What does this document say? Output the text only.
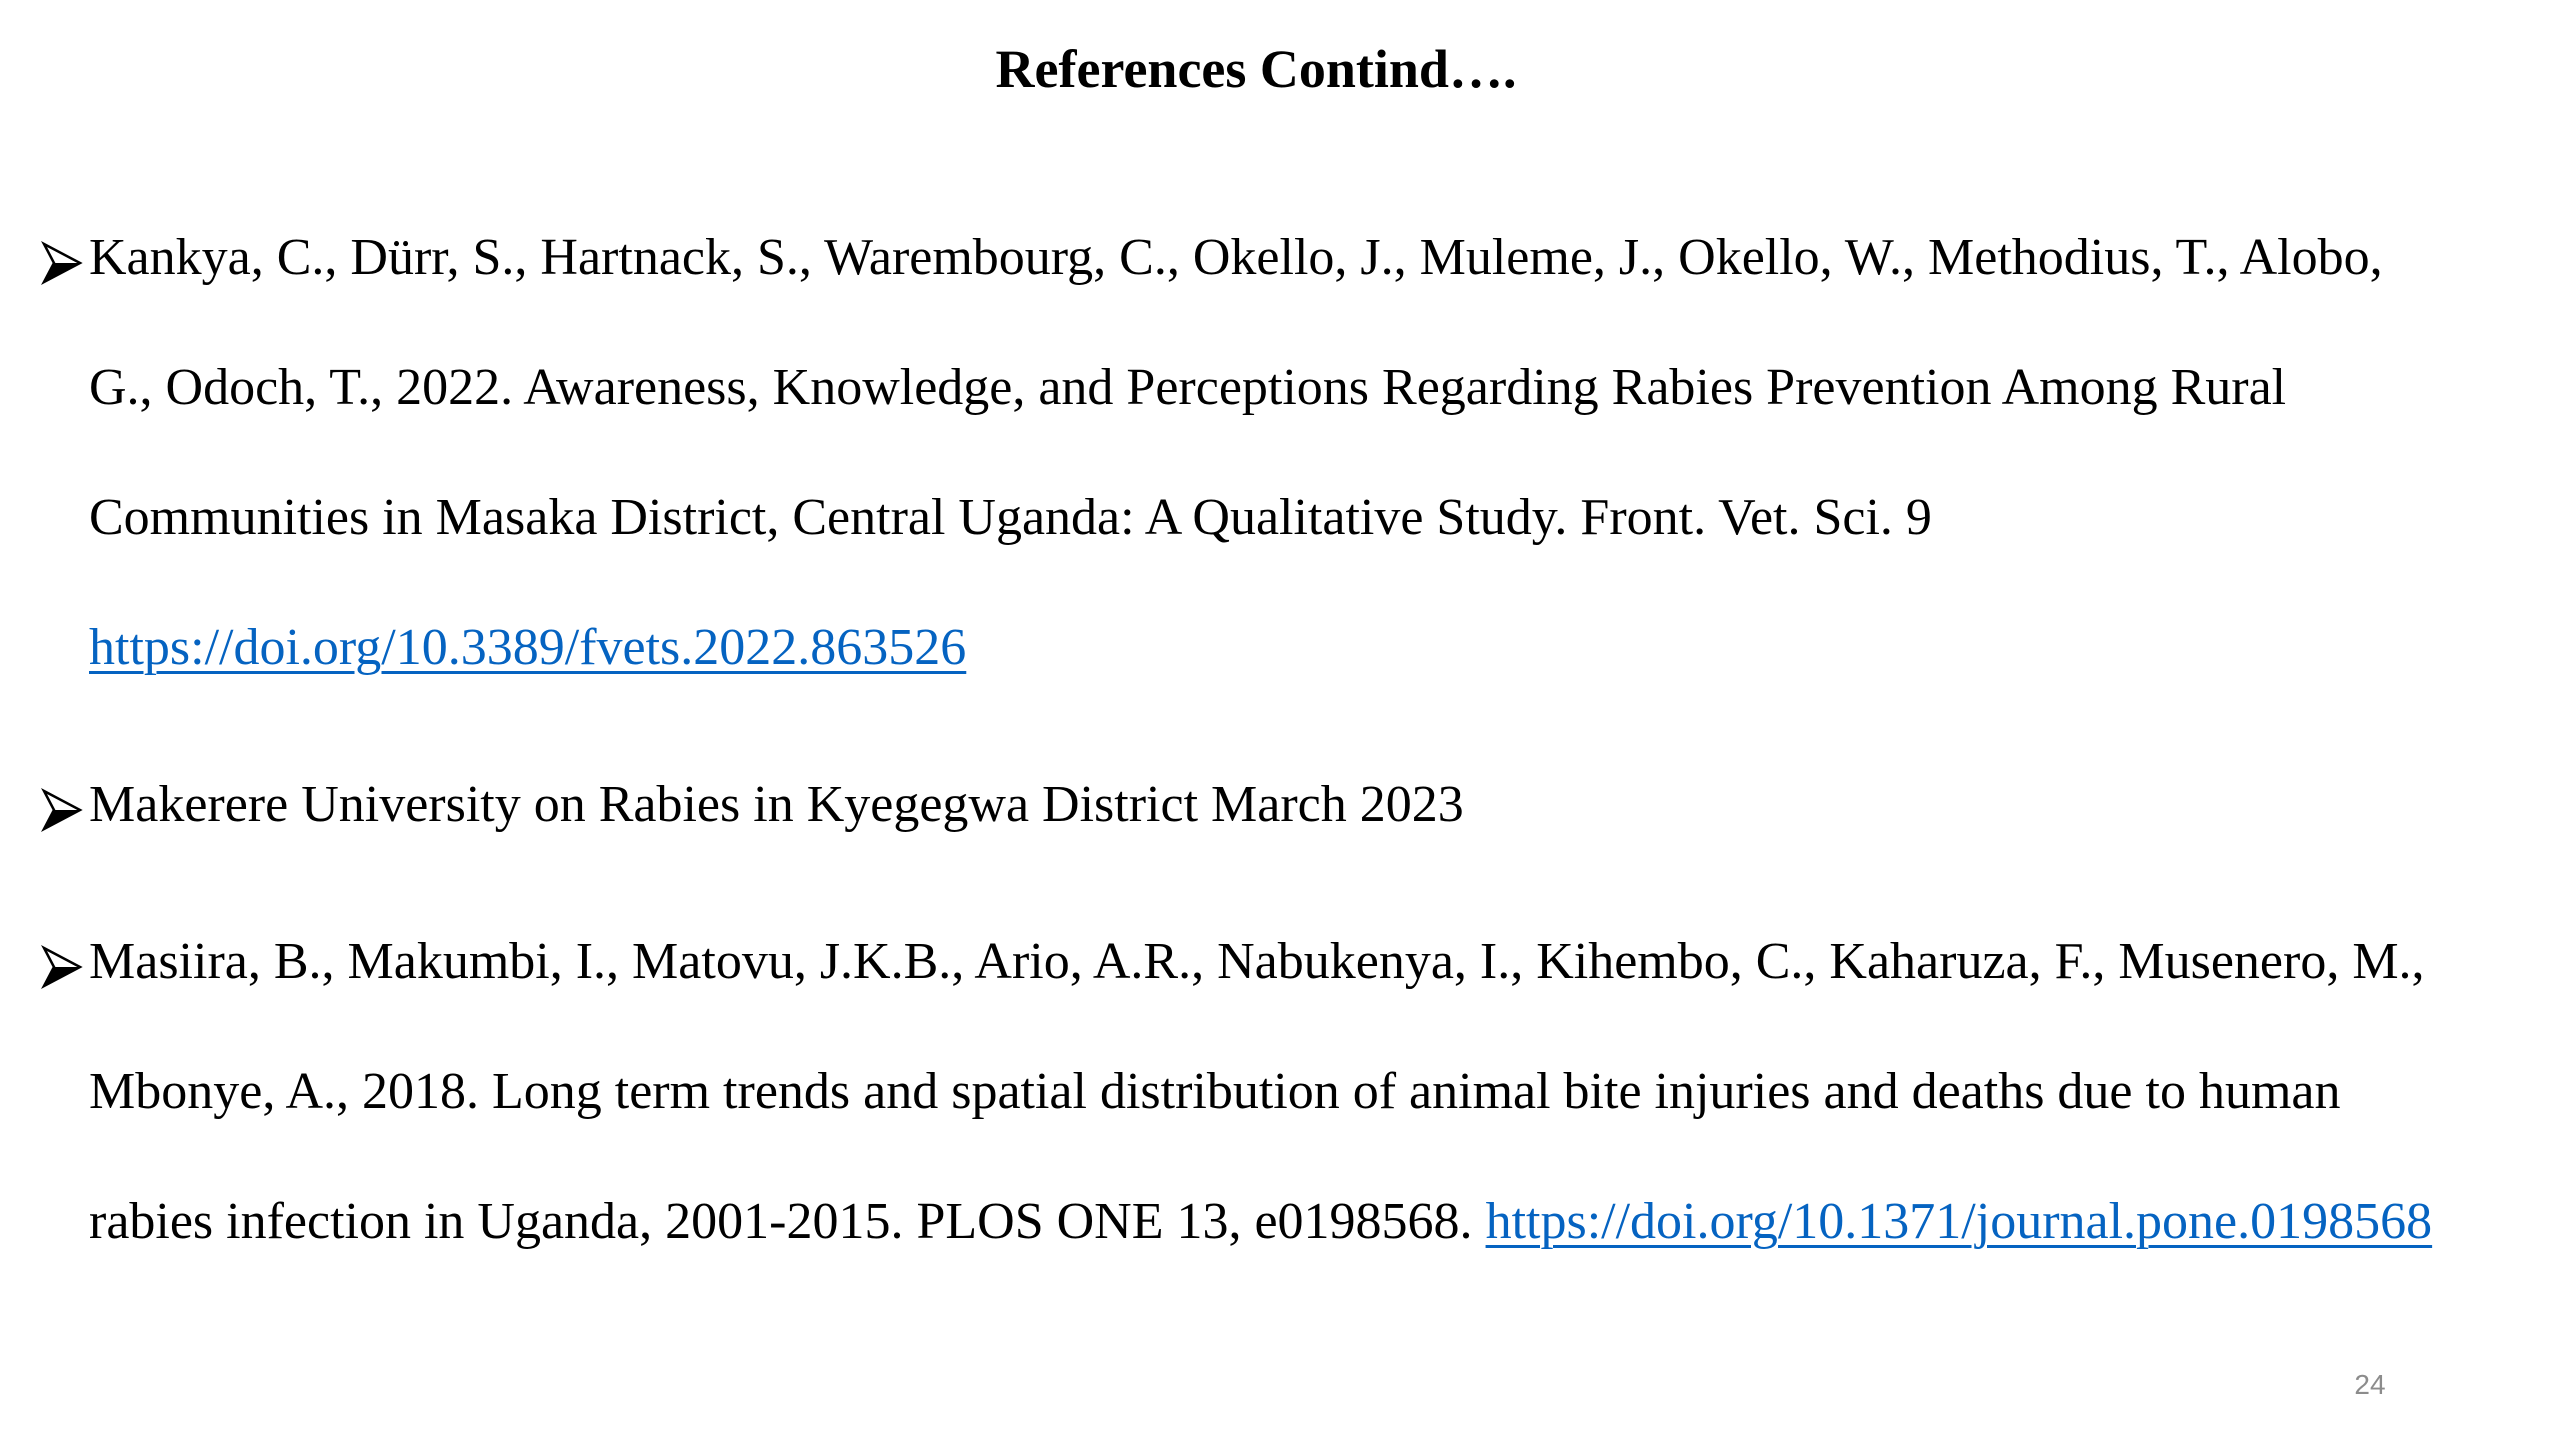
References Contind….
Kankya, C., Dürr, S., Hartnack, S., Warembourg, C., Okello, J., Muleme, J., Okello, W., Methodius, T., Alobo,
G., Odoch, T., 2022. Awareness, Knowledge, and Perceptions Regarding Rabies Prevention Among Rural
Communities in Masaka District, Central Uganda: A Qualitative Study. Front. Vet. Sci. 9
https://doi.org/10.3389/fvets.2022.863526
Makerere University on Rabies in Kyegegwa District March 2023
Masiira, B., Makumbi, I., Matovu, J.K.B., Ario, A.R., Nabukenya, I., Kihembo, C., Kaharuza, F., Musenero, M.,
Mbonye, A., 2018. Long term trends and spatial distribution of animal bite injuries and deaths due to human
rabies infection in Uganda, 2001-2015. PLOS ONE 13, e0198568. https://doi.org/10.1371/journal.pone.0198568
24
